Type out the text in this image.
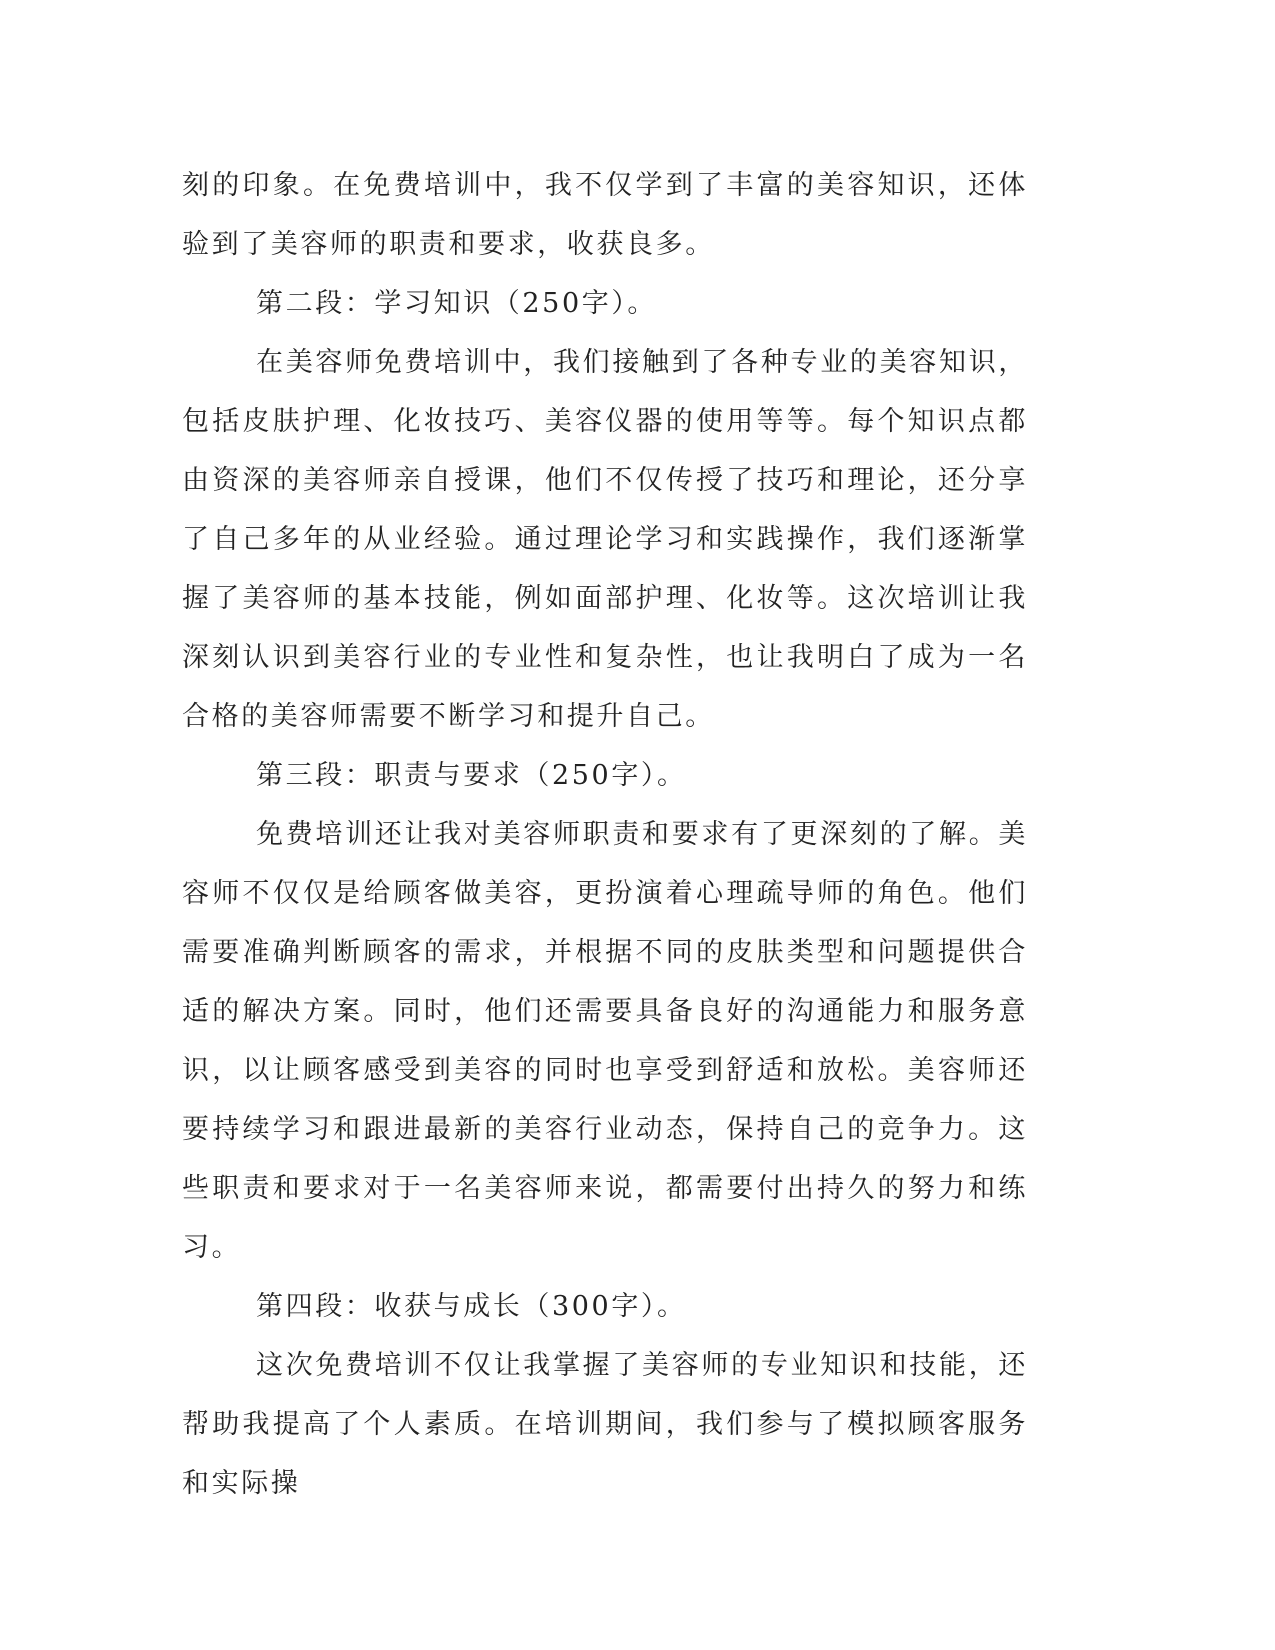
刻的印象。在免费培训中，我不仅学到了丰富的美容知识，还体验到了美容师的职责和要求，收获良多。

第二段：学习知识（250字）。

在美容师免费培训中，我们接触到了各种专业的美容知识，包括皮肤护理、化妆技巧、美容仪器的使用等等。每个知识点都由资深的美容师亲自授课，他们不仅传授了技巧和理论，还分享了自己多年的从业经验。通过理论学习和实践操作，我们逐渐掌握了美容师的基本技能，例如面部护理、化妆等。这次培训让我深刻认识到美容行业的专业性和复杂性，也让我明白了成为一名合格的美容师需要不断学习和提升自己。

第三段：职责与要求（250字）。

免费培训还让我对美容师职责和要求有了更深刻的了解。美容师不仅仅是给顾客做美容，更扮演着心理疏导师的角色。他们需要准确判断顾客的需求，并根据不同的皮肤类型和问题提供合适的解决方案。同时，他们还需要具备良好的沟通能力和服务意识，以让顾客感受到美容的同时也享受到舒适和放松。美容师还要持续学习和跟进最新的美容行业动态，保持自己的竞争力。这些职责和要求对于一名美容师来说，都需要付出持久的努力和练习。

第四段：收获与成长（300字）。

这次免费培训不仅让我掌握了美容师的专业知识和技能，还帮助我提高了个人素质。在培训期间，我们参与了模拟顾客服务和实际操
